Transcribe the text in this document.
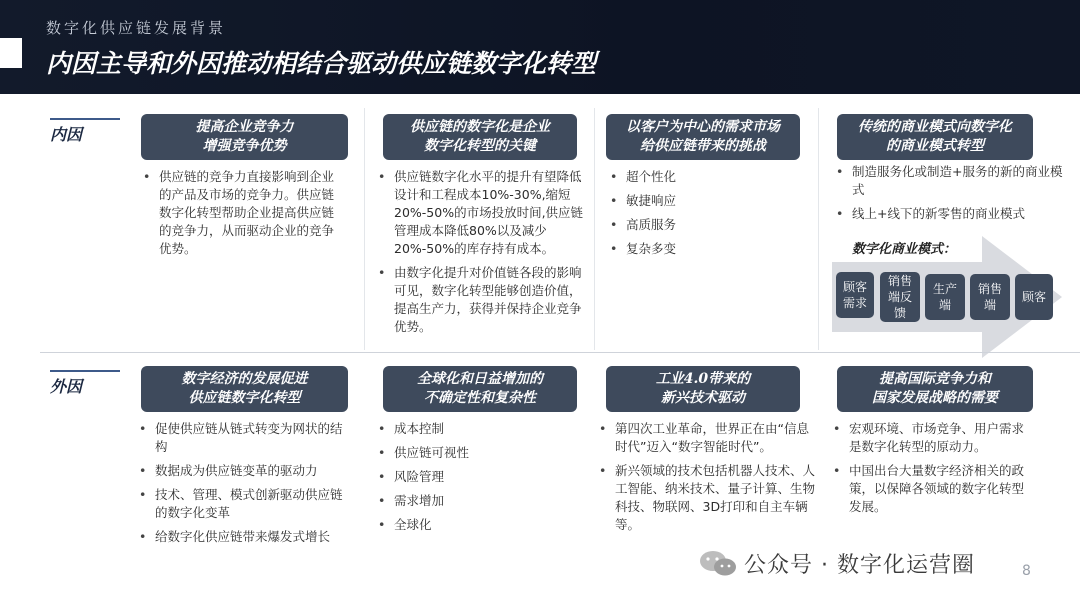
数字化供应链发展背景
内因主导和外因推动相结合驱动供应链数字化转型
内因	提高企业竞争力
增强竞争优势
供应链的数字化是企业
数字化转型的关键
以客户为中心的需求市场
给供应链带来的挑战
传统的商业模式向数字化
的商业模式转型
• 供应链的竞争力直接影响到企业的产品及市场的竞争力。供应链数字化转型帮助企业提高供应链的竞争力，从而驱动企业的竞争优势。
• 供应链数字化水平的提升有望降低设计和工程成本10%-30%,缩短20%-50%的市场投放时间,供应链管理成本降低80%以及减少20%-50%的库存持有成本。
• 由数字化提升对价值链各段的影响可见，数字化转型能够创造价值，提高生产力，获得并保持企业竞争优势。
• 超个性化
• 敏捷响应
• 高质服务
• 复杂多变
• 制造服务化或制造+服务的新的商业模式
• 线上+线下的新零售的商业模式
数字化商业模式：
顾客
需求
销售
端反
馈
生产
端
销售
端
顾客
外因	数字经济的发展促进
供应链数字化转型
全球化和日益增加的
不确定性和复杂性
工业4.0带来的
新兴技术驱动
提高国际竞争力和
国家发展战略的需要
• 促使供应链从链式转变为网状的结构
• 数据成为供应链变革的驱动力
• 技术、管理、模式创新驱动供应链的数字化变革
• 给数字化供应链带来爆发式增长
• 成本控制
• 供应链可视性
• 风险管理
• 需求增加
• 全球化
• 第四次工业革命，世界正在由“信息时代”迈入“数字智能时代”。
• 新兴领域的技术包括机器人技术、人工智能、纳米技术、量子计算、生物科技、物联网、3D打印和自主车辆等。
• 宏观环境、市场竞争、用户需求是数字化转型的原动力。
• 中国出台大量数字经济相关的政策，以保障各领域的数字化转型发展。
公众号 · 数字化运营圈	8
